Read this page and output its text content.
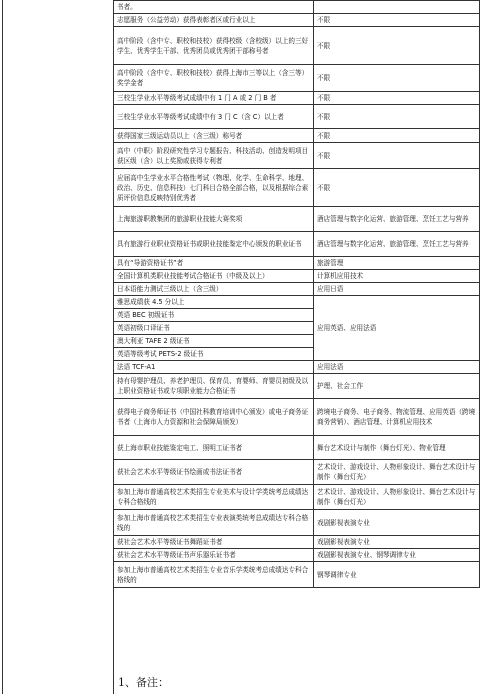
书者。	
志愿服务（公益劳动）获得表彰者区或行业以上	不限
高中阶段（含中专、职校和技校）获得校级（含校级）以上的三好学生、优秀学生干部、优秀团员或优秀团干部称号者	不限
高中阶段（含中专、职校和技校）获得上海市三等以上（含三等）奖学金者	不限
三校生学业水平等级考试成绩中有 1 门 A 或 2 门 B 者	不限
三校生学业水平等级考试成绩中有 3 门 C（含 C）以上者	不限
获得国家三级运动员以上（含三级）称号者	不限
高中（中职）阶段研究性学习专题报告、科技活动、创造发明项目获区级（含）以上奖励或获得专利者	不限
应届高中生学业水平合格性考试（物理、化学、生命科学、地理、政治、历史、信息科技）七门科目合格全部合格，以及根据综合素质评价信息反映特别优秀者	不限
上海旅游职教集团的旅游职业技能大赛奖项	酒店管理与数字化运营、旅游管理、烹饪工艺与营养
具有旅游行业职业资格证书或职业技能鉴定中心颁发的职业证书	酒店管理与数字化运营、旅游管理、烹饪工艺与营养
具有“导游资格证书”者	旅游管理
全国计算机类职业技能考试合格证书（中级及以上）	计算机应用技术
日本语能力测试三级以上（含三级）	应用日语
雅思成绩获 4.5 分以上	应用英语、应用法语
英语 BEC 初级证书	
英语初级口译证书	
澳大利亚 TAFE 2 级证书	
英语等级考试 PETS-2 级证书	
法语 TCF-A1	应用法语
持有母婴护理员、养老护理员、保育员、育婴师、育婴员初级及以上职业资格证书或专项职业能力合格证书	护理、社会工作
获得电子商务师证书（中国社科教育培训中心颁发）或电子商务证书者（上海市人力资源和社会保障局颁发）	跨境电子商务、电子商务、物流管理、应用英语（跨境商务营销）、酒店管理、计算机应用技术
获上海市职业技能鉴定电工、照明工证书者	舞台艺术设计与制作（舞台灯光）、物业管理
获社会艺术水平等级证书绘画或书法证书者	艺术设计、游戏设计、人物形象设计、舞台艺术设计与制作（舞台灯光）
参加上海市普通高校艺术类招生专业美术与设计学类统考总成绩达专科合格线的	艺术设计、游戏设计、人物形象设计、舞台艺术设计与制作（舞台灯光）
参加上海市普通高校艺术类招生专业表演类统考总成绩达专科合格线的	戏剧影视表演专业
获社会艺术水平等级证书舞蹈证书者	戏剧影视表演专业
获社会艺术水平等级证书声乐器乐证书者	戏剧影视表演专业、钢琴调律专业
参加上海市普通高校艺术类招生专业音乐学类统考总成绩达专科合格线的	钢琴调律专业
1、备注：
